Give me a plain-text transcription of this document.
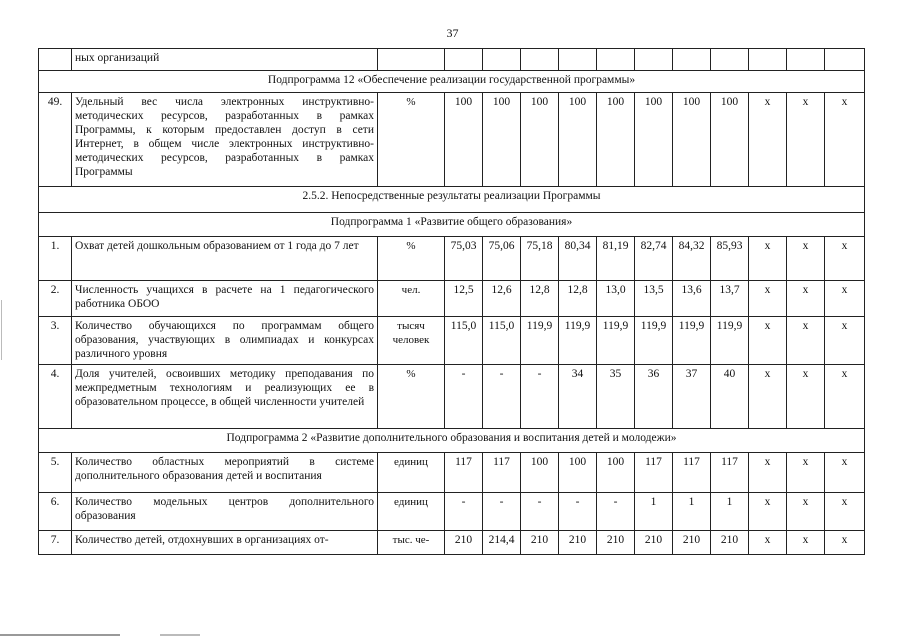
37
	ных организаций												
Подпрограмма 12 «Обеспечение реализации государственной программы»													
49.	Удельный вес числа электронных инструктивно-методических ресурсов, разработанных в рамках Программы, к которым предоставлен доступ в сети Интернет, в общем числе электронных инструктивно-методических ресурсов, разработанных в рамках Программы	%	100	100	100	100	100	100	100	100	х	х	х
2.5.2. Непосредственные результаты реализации Программы													
Подпрограмма 1 «Развитие общего образования»													
1.	Охват детей дошкольным образованием от 1 года до 7 лет	%	75,03	75,06	75,18	80,34	81,19	82,74	84,32	85,93	х	х	х
2.	Численность учащихся в расчете на 1 педагогического работника ОБОО	чел.	12,5	12,6	12,8	12,8	13,0	13,5	13,6	13,7	х	х	х
3.	Количество обучающихся по программам общего образования, участвующих в олимпиадах и конкурсах различного уровня	тысяч человек	115,0	115,0	119,9	119,9	119,9	119,9	119,9	119,9	х	х	х
4.	Доля учителей, освоивших методику преподавания по межпредметным технологиям и реализующих ее в образовательном процессе, в общей численности учителей	%	-	-	-	34	35	36	37	40	х	х	х
Подпрограмма 2 «Развитие дополнительного образования и воспитания детей и молодежи»													
5.	Количество областных мероприятий в системе дополнительного образования детей и воспитания	единиц	117	117	100	100	100	117	117	117	х	х	х
6.	Количество модельных центров дополнительного образования	единиц	-	-	-	-	-	1	1	1	х	х	х
7.	Количество детей, отдохнувших в организациях от-	тыс. че-	210	214,4	210	210	210	210	210	210	х	х	х
